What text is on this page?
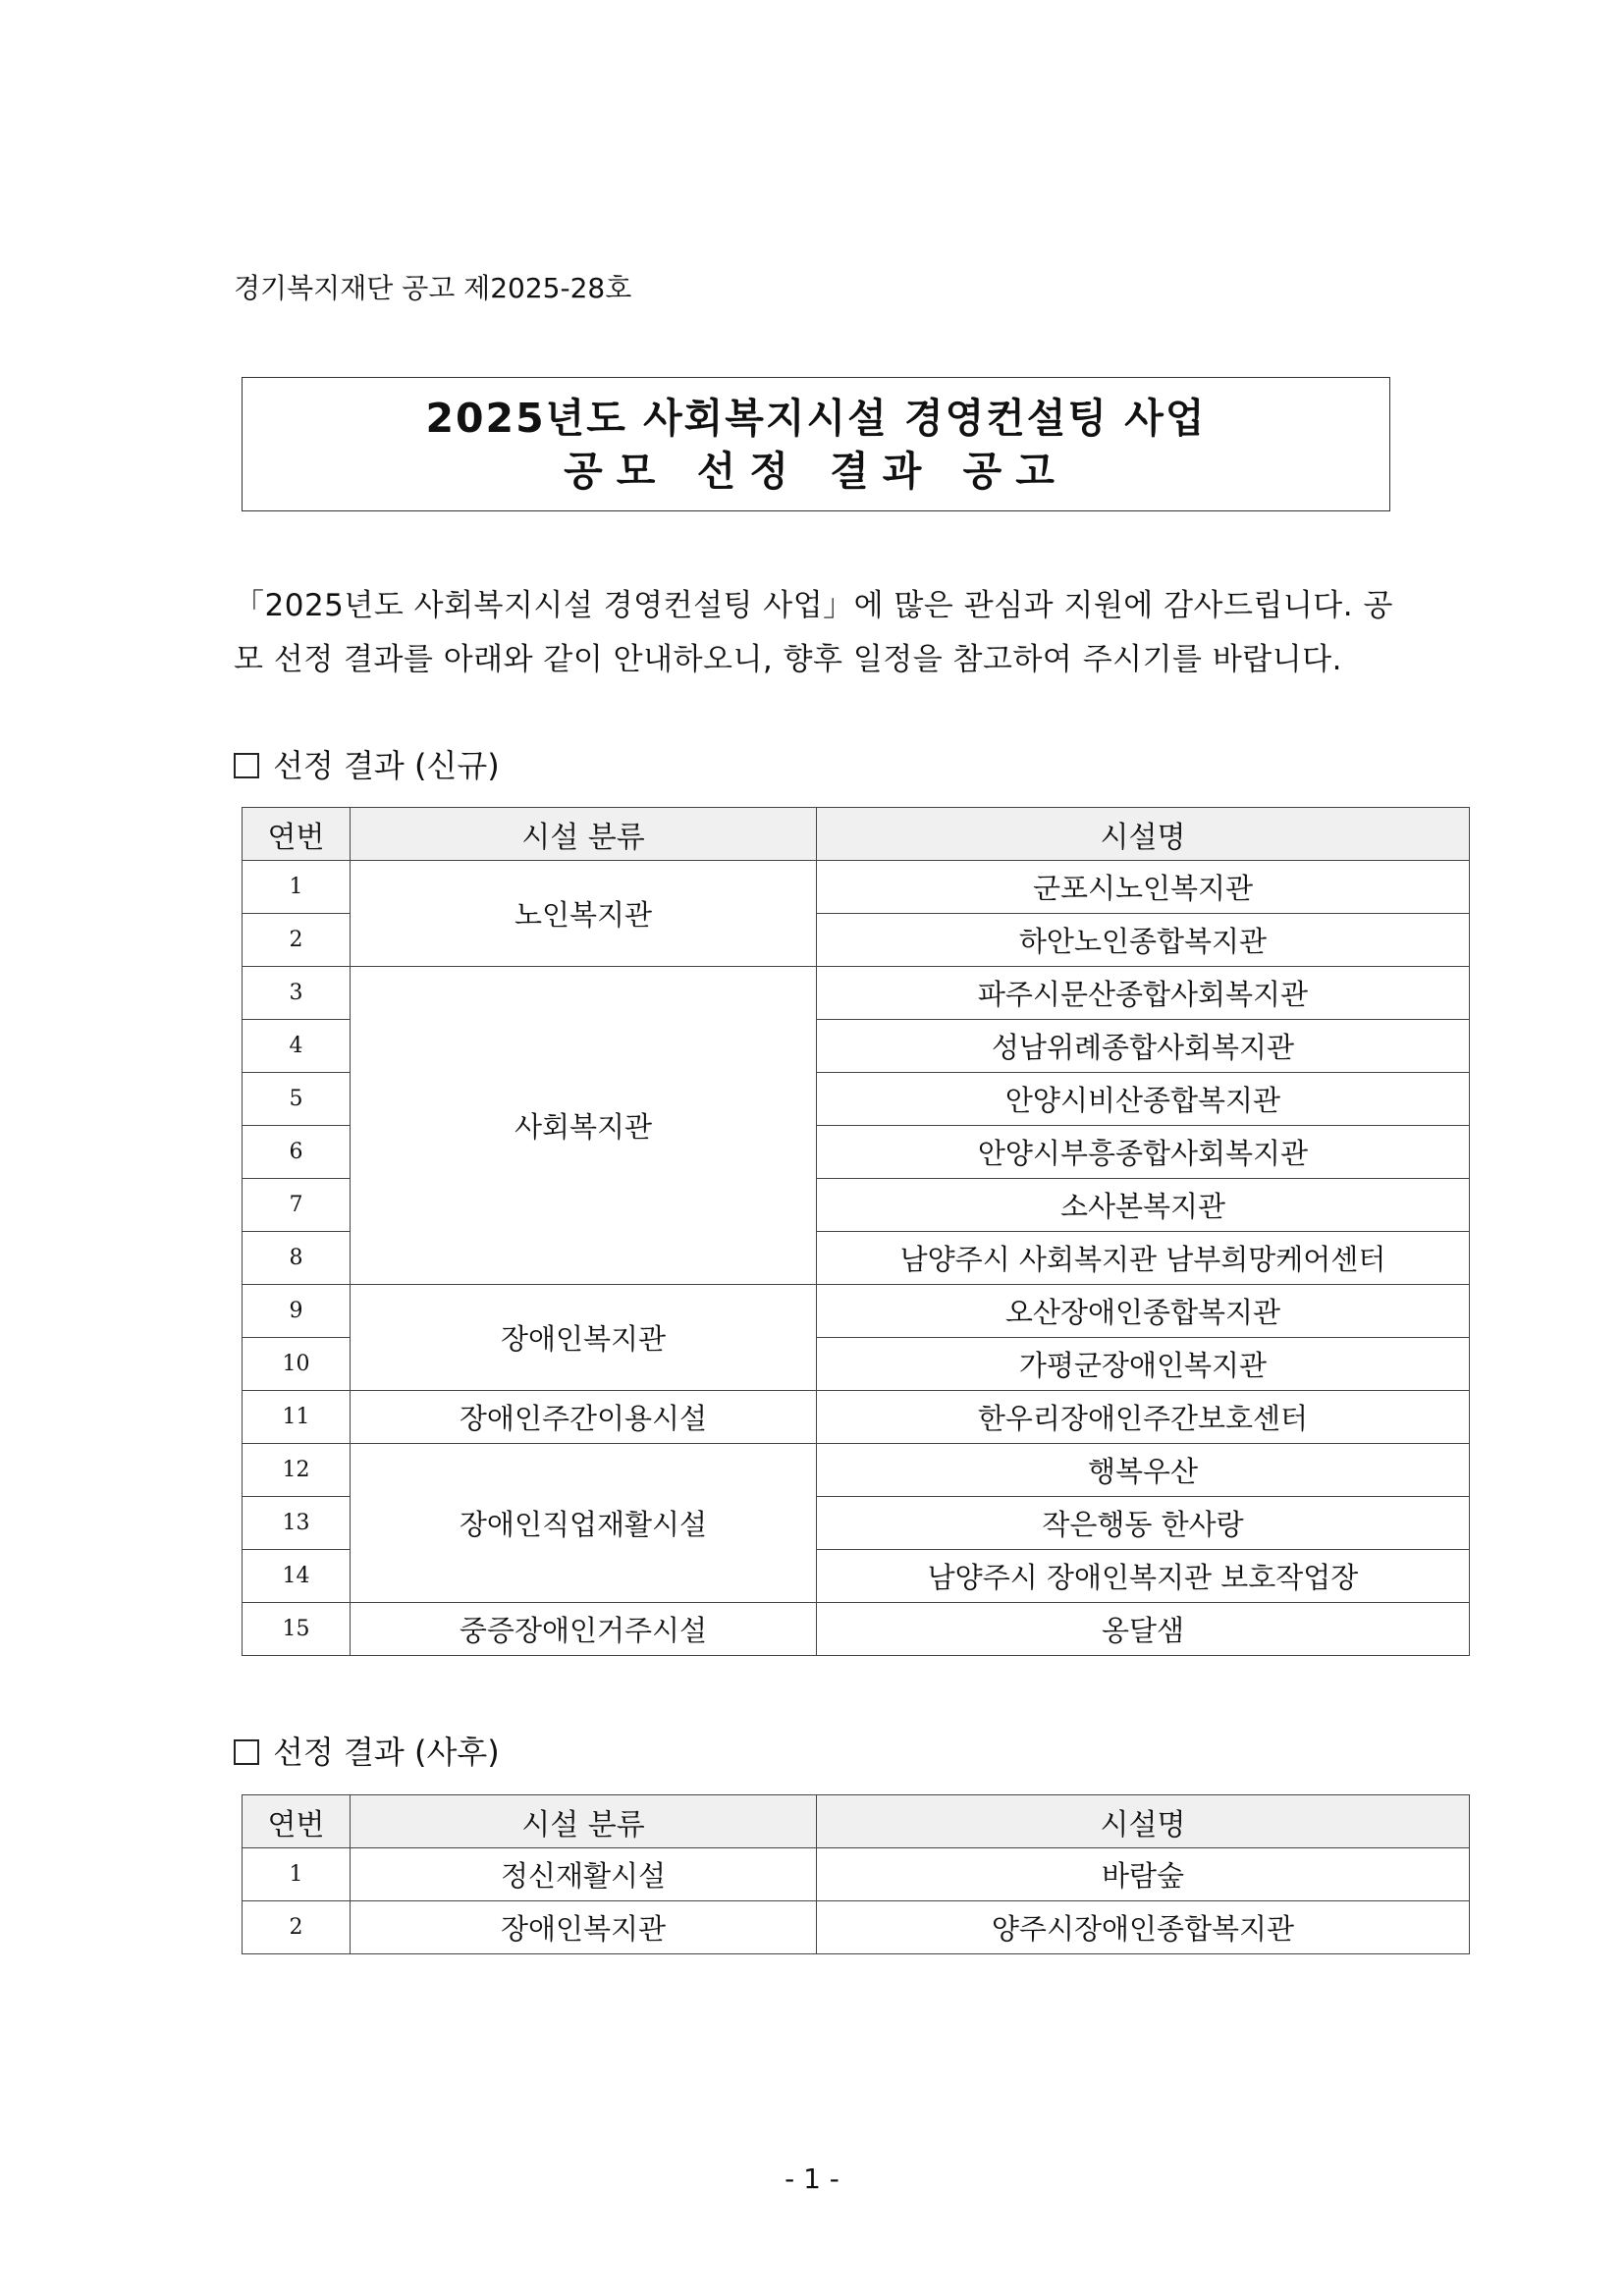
경기복지재단 공고 제2025-28호
2025년도 사회복지시설 경영컨설팅 사업
공모 선정 결과 공고

「2025년도 사회복지시설 경영컨설팅 사업」에 많은 관심과 지원에 감사드립니다. 공

모 선정 결과를 아래와 같이 안내하오니, 향후 일정을 참고하여 주시기를 바랍니다.

선정 결과 (신규)
연번	시설 분류	시설명
1	노인복지관	군포시노인복지관
2		하안노인종합복지관
3	사회복지관	파주시문산종합사회복지관
4		성남위례종합사회복지관
5		안양시비산종합복지관
6		안양시부흥종합사회복지관
7		소사본복지관
8		남양주시 사회복지관 남부희망케어센터
9	장애인복지관	오산장애인종합복지관
10		가평군장애인복지관
11	장애인주간이용시설	한우리장애인주간보호센터
12	장애인직업재활시설	행복우산
13		작은행동 한사랑
14		남양주시 장애인복지관 보호작업장
15	중증장애인거주시설	옹달샘
선정 결과 (사후)
연번	시설 분류	시설명
1	정신재활시설	바람숲
2	장애인복지관	양주시장애인종합복지관
- 1 -
